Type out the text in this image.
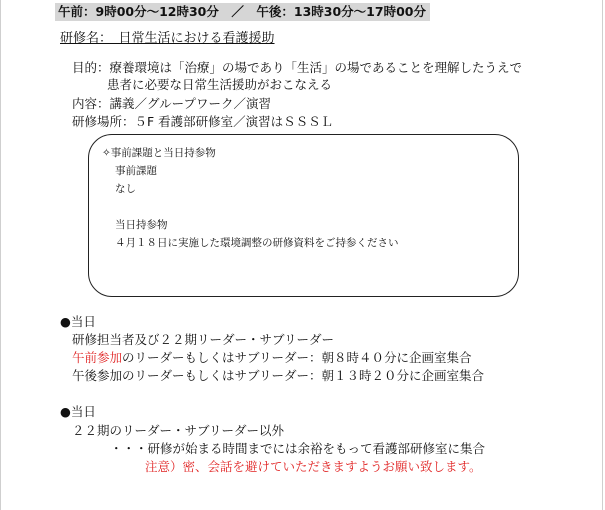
午前：9時00分～12時30分　／　午後：13時30分～17時00分
研修名：　日常生活における看護援助
目的：療養環境は「治療」の場であり「生活」の場であることを理解したうえで
患者に必要な日常生活援助がおこなえる
内容：講義／グループワーク／演習
研修場所：５F 看護部研修室／演習はＳＳＳＬ
✧事前課題と当日持参物
事前課題
なし
当日持参物
４月１８日に実施した環境調整の研修資料をご持参ください
●当日
研修担当者及び２２期リーダー・サブリーダー
午前参加のリーダーもしくはサブリーダー：朝８時４０分に企画室集合
午後参加のリーダーもしくはサブリーダー：朝１３時２０分に企画室集合
●当日
２２期のリーダー・サブリーダー以外
・・・研修が始まる時間までには余裕をもって看護部研修室に集合
注意）密、会話を避けていただきますようお願い致します。
